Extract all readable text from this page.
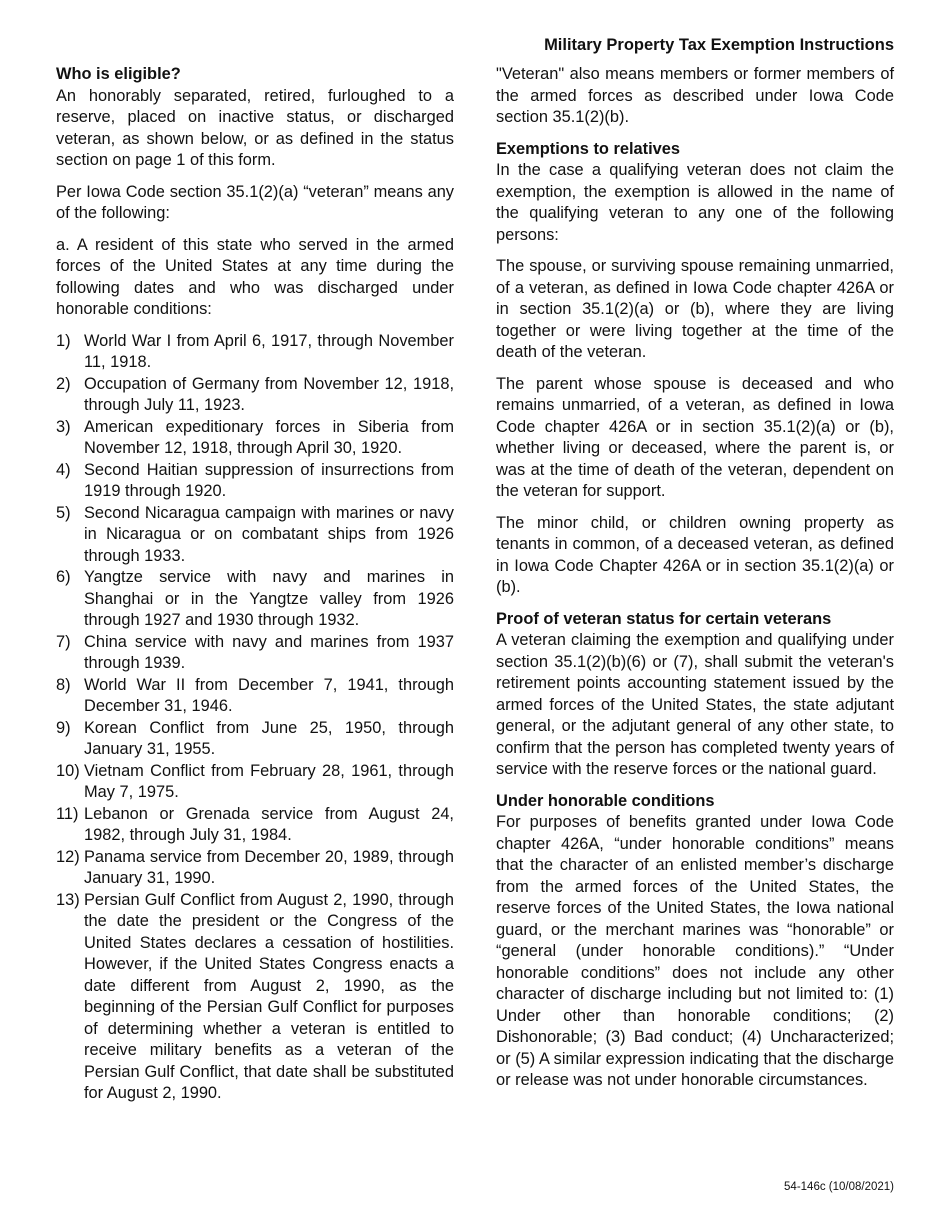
Military Property Tax Exemption Instructions
Who is eligible?

An honorably separated, retired, furloughed to a reserve, placed on inactive status, or discharged veteran, as shown below, or as defined in the status section on page 1 of this form.

Per Iowa Code section 35.1(2)(a) “veteran” means any of the following:

a. A resident of this state who served in the armed forces of the United States at any time during the following dates and who was discharged under honorable conditions:

1) World War I from April 6, 1917, through November 11, 1918.
2) Occupation of Germany from November 12, 1918, through July 11, 1923.
3) American expeditionary forces in Siberia from November 12, 1918, through April 30, 1920.
4) Second Haitian suppression of insurrections from 1919 through 1920.
5) Second Nicaragua campaign with marines or navy in Nicaragua or on combatant ships from 1926 through 1933.
6) Yangtze service with navy and marines in Shanghai or in the Yangtze valley from 1926 through 1927 and 1930 through 1932.
7) China service with navy and marines from 1937 through 1939.
8) World War II from December 7, 1941, through December 31, 1946.
9) Korean Conflict from June 25, 1950, through January 31, 1955.
10) Vietnam Conflict from February 28, 1961, through May 7, 1975.
11) Lebanon or Grenada service from August 24, 1982, through July 31, 1984.
12) Panama service from December 20, 1989, through January 31, 1990.
13) Persian Gulf Conflict from August 2, 1990, through the date the president or the Congress of the United States declares a cessation of hostilities. However, if the United States Congress enacts a date different from August 2, 1990, as the beginning of the Persian Gulf Conflict for purposes of determining whether a veteran is entitled to receive military benefits as a veteran of the Persian Gulf Conflict, that date shall be substituted for August 2, 1990.

"Veteran" also means members or former members of the armed forces as described under Iowa Code section 35.1(2)(b).

Exemptions to relatives

In the case a qualifying veteran does not claim the exemption, the exemption is allowed in the name of the qualifying veteran to any one of the following persons:

The spouse, or surviving spouse remaining unmarried, of a veteran, as defined in Iowa Code chapter 426A or in section 35.1(2)(a) or (b), where they are living together or were living together at the time of the death of the veteran.

The parent whose spouse is deceased and who remains unmarried, of a veteran, as defined in Iowa Code chapter 426A or in section 35.1(2)(a) or (b), whether living or deceased, where the parent is, or was at the time of death of the veteran, dependent on the veteran for support.

The minor child, or children owning property as tenants in common, of a deceased veteran, as defined in Iowa Code Chapter 426A or in section 35.1(2)(a) or (b).

Proof of veteran status for certain veterans

A veteran claiming the exemption and qualifying under section 35.1(2)(b)(6) or (7), shall submit the veteran's retirement points accounting statement issued by the armed forces of the United States, the state adjutant general, or the adjutant general of any other state, to confirm that the person has completed twenty years of service with the reserve forces or the national guard.

Under honorable conditions

For purposes of benefits granted under Iowa Code chapter 426A, “under honorable conditions” means that the character of an enlisted member’s discharge from the armed forces of the United States, the reserve forces of the United States, the Iowa national guard, or the merchant marines was “honorable” or “general (under honorable conditions).” “Under honorable conditions” does not include any other character of discharge including but not limited to: (1) Under other than honorable conditions; (2) Dishonorable; (3) Bad conduct; (4) Uncharacterized; or (5) A similar expression indicating that the discharge or release was not under honorable circumstances.

54-146c (10/08/2021)
